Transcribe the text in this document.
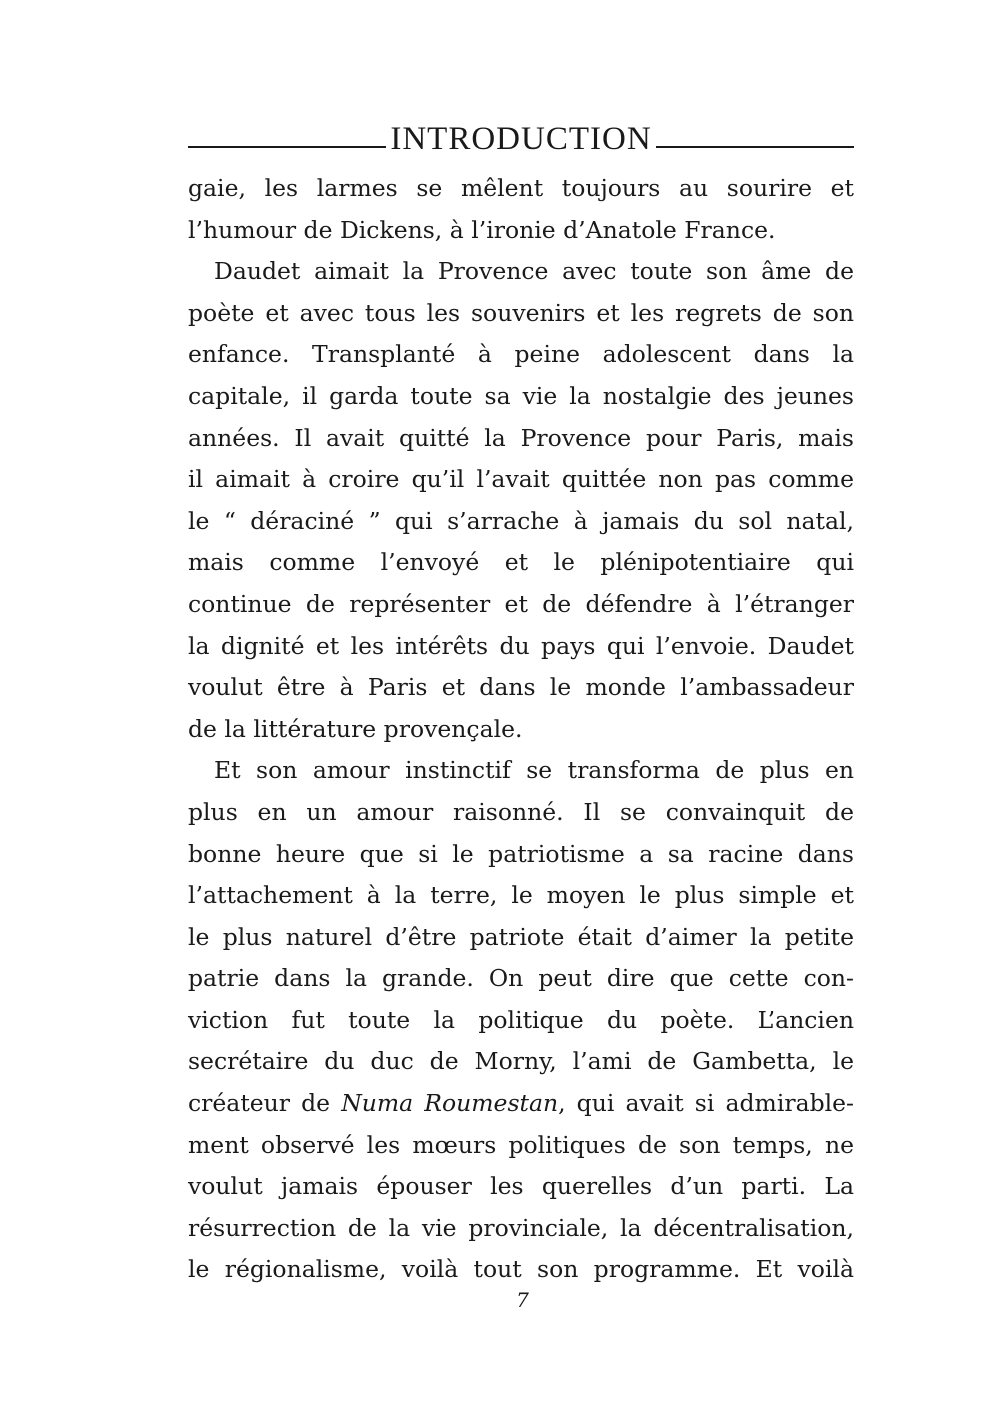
INTRODUCTION
gaie, les larmes se mêlent toujours au sourire et
l’humour de Dickens, à l’ironie d’Anatole France.
Daudet aimait la Provence avec toute son âme de
poète et avec tous les souvenirs et les regrets de son
enfance. Transplanté à peine adolescent dans la
capitale, il garda toute sa vie la nostalgie des jeunes
années. Il avait quitté la Provence pour Paris, mais
il aimait à croire qu’il l’avait quittée non pas comme
le “ déraciné ” qui s’arrache à jamais du sol natal,
mais comme l’envoyé et le plénipotentiaire qui
continue de représenter et de défendre à l’étranger
la dignité et les intérêts du pays qui l’envoie. Daudet
voulut être à Paris et dans le monde l’ambassadeur
de la littérature provençale.
Et son amour instinctif se transforma de plus en
plus en un amour raisonné. Il se convainquit de
bonne heure que si le patriotisme a sa racine dans
l’attachement à la terre, le moyen le plus simple et
le plus naturel d’être patriote était d’aimer la petite
patrie dans la grande. On peut dire que cette con-
viction fut toute la politique du poète. L’ancien
secrétaire du duc de Morny, l’ami de Gambetta, le
créateur de Numa Roumestan, qui avait si admirable-
ment observé les mœurs politiques de son temps, ne
voulut jamais épouser les querelles d’un parti. La
résurrection de la vie provinciale, la décentralisation,
le régionalisme, voilà tout son programme. Et voilà
7
